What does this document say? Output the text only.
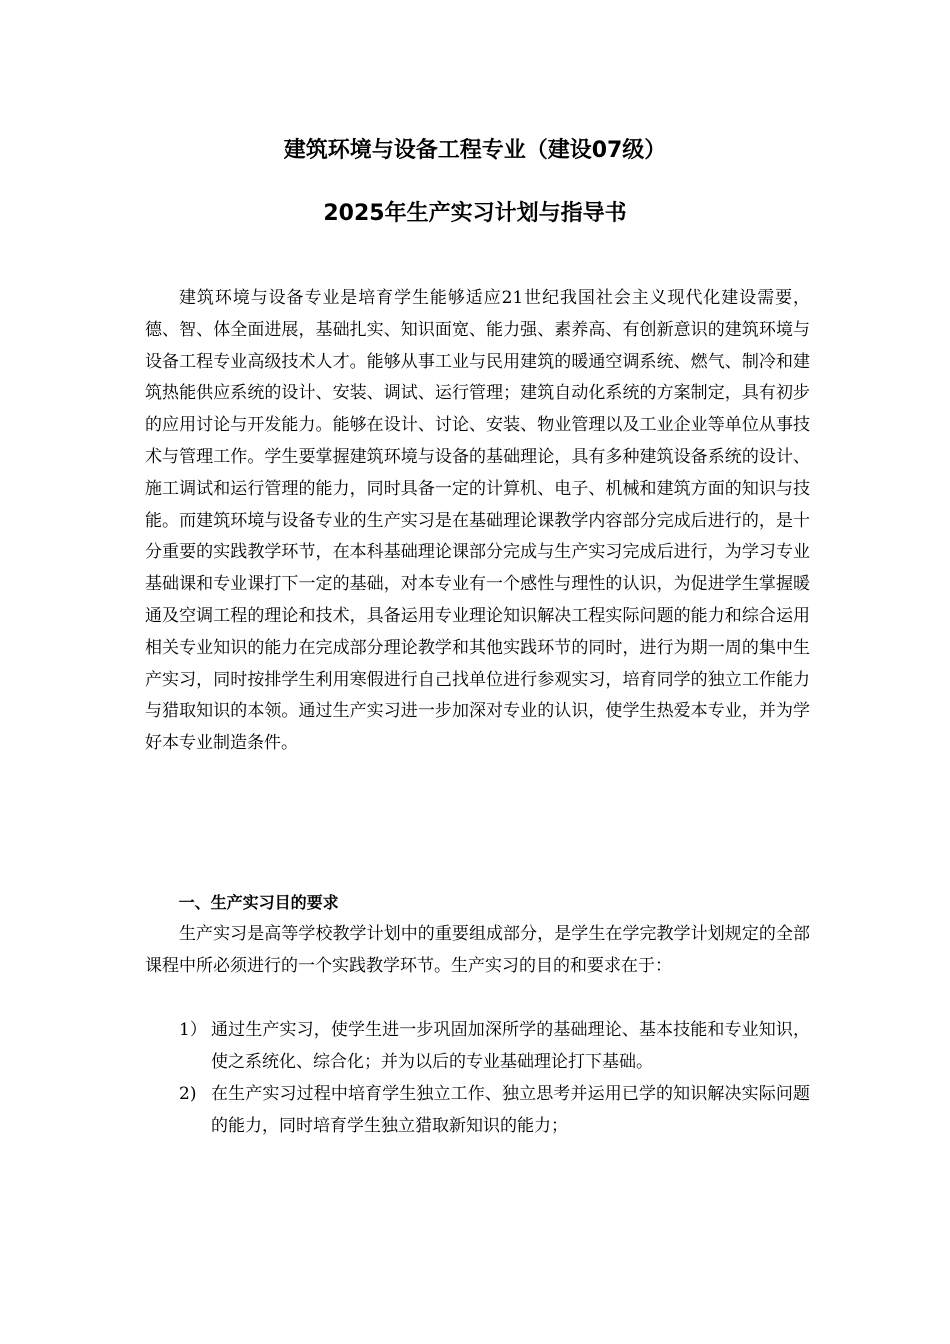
建筑环境与设备工程专业（建设07级）
2025年生产实习计划与指导书

建筑环境与设备专业是培育学生能够适应21世纪我国社会主义现代化建设需要，德、智、体全面进展，基础扎实、知识面宽、能力强、素养高、有创新意识的建筑环境与设备工程专业高级技术人才。能够从事工业与民用建筑的暖通空调系统、燃气、制冷和建筑热能供应系统的设计、安装、调试、运行管理；建筑自动化系统的方案制定，具有初步的应用讨论与开发能力。能够在设计、讨论、安装、物业管理以及工业企业等单位从事技术与管理工作。学生要掌握建筑环境与设备的基础理论，具有多种建筑设备系统的设计、施工调试和运行管理的能力，同时具备一定的计算机、电子、机械和建筑方面的知识与技能。而建筑环境与设备专业的生产实习是在基础理论课教学内容部分完成后进行的，是十分重要的实践教学环节，在本科基础理论课部分完成与生产实习完成后进行，为学习专业基础课和专业课打下一定的基础，对本专业有一个感性与理性的认识，为促进学生掌握暖通及空调工程的理论和技术，具备运用专业理论知识解决工程实际问题的能力和综合运用相关专业知识的能力在完成部分理论教学和其他实践环节的同时，进行为期一周的集中生产实习，同时按排学生利用寒假进行自己找单位进行参观实习，培育同学的独立工作能力与猎取知识的本领。通过生产实习进一步加深对专业的认识，使学生热爱本专业，并为学好本专业制造条件。

一、生产实习目的要求

生产实习是高等学校教学计划中的重要组成部分，是学生在学完教学计划规定的全部课程中所必须进行的一个实践教学环节。生产实习的目的和要求在于：

1） 通过生产实习，使学生进一步巩固加深所学的基础理论、基本技能和专业知识，使之系统化、综合化；并为以后的专业基础理论打下基础。
2) 在生产实习过程中培育学生独立工作、独立思考并运用已学的知识解决实际问题的能力，同时培育学生独立猎取新知识的能力；
